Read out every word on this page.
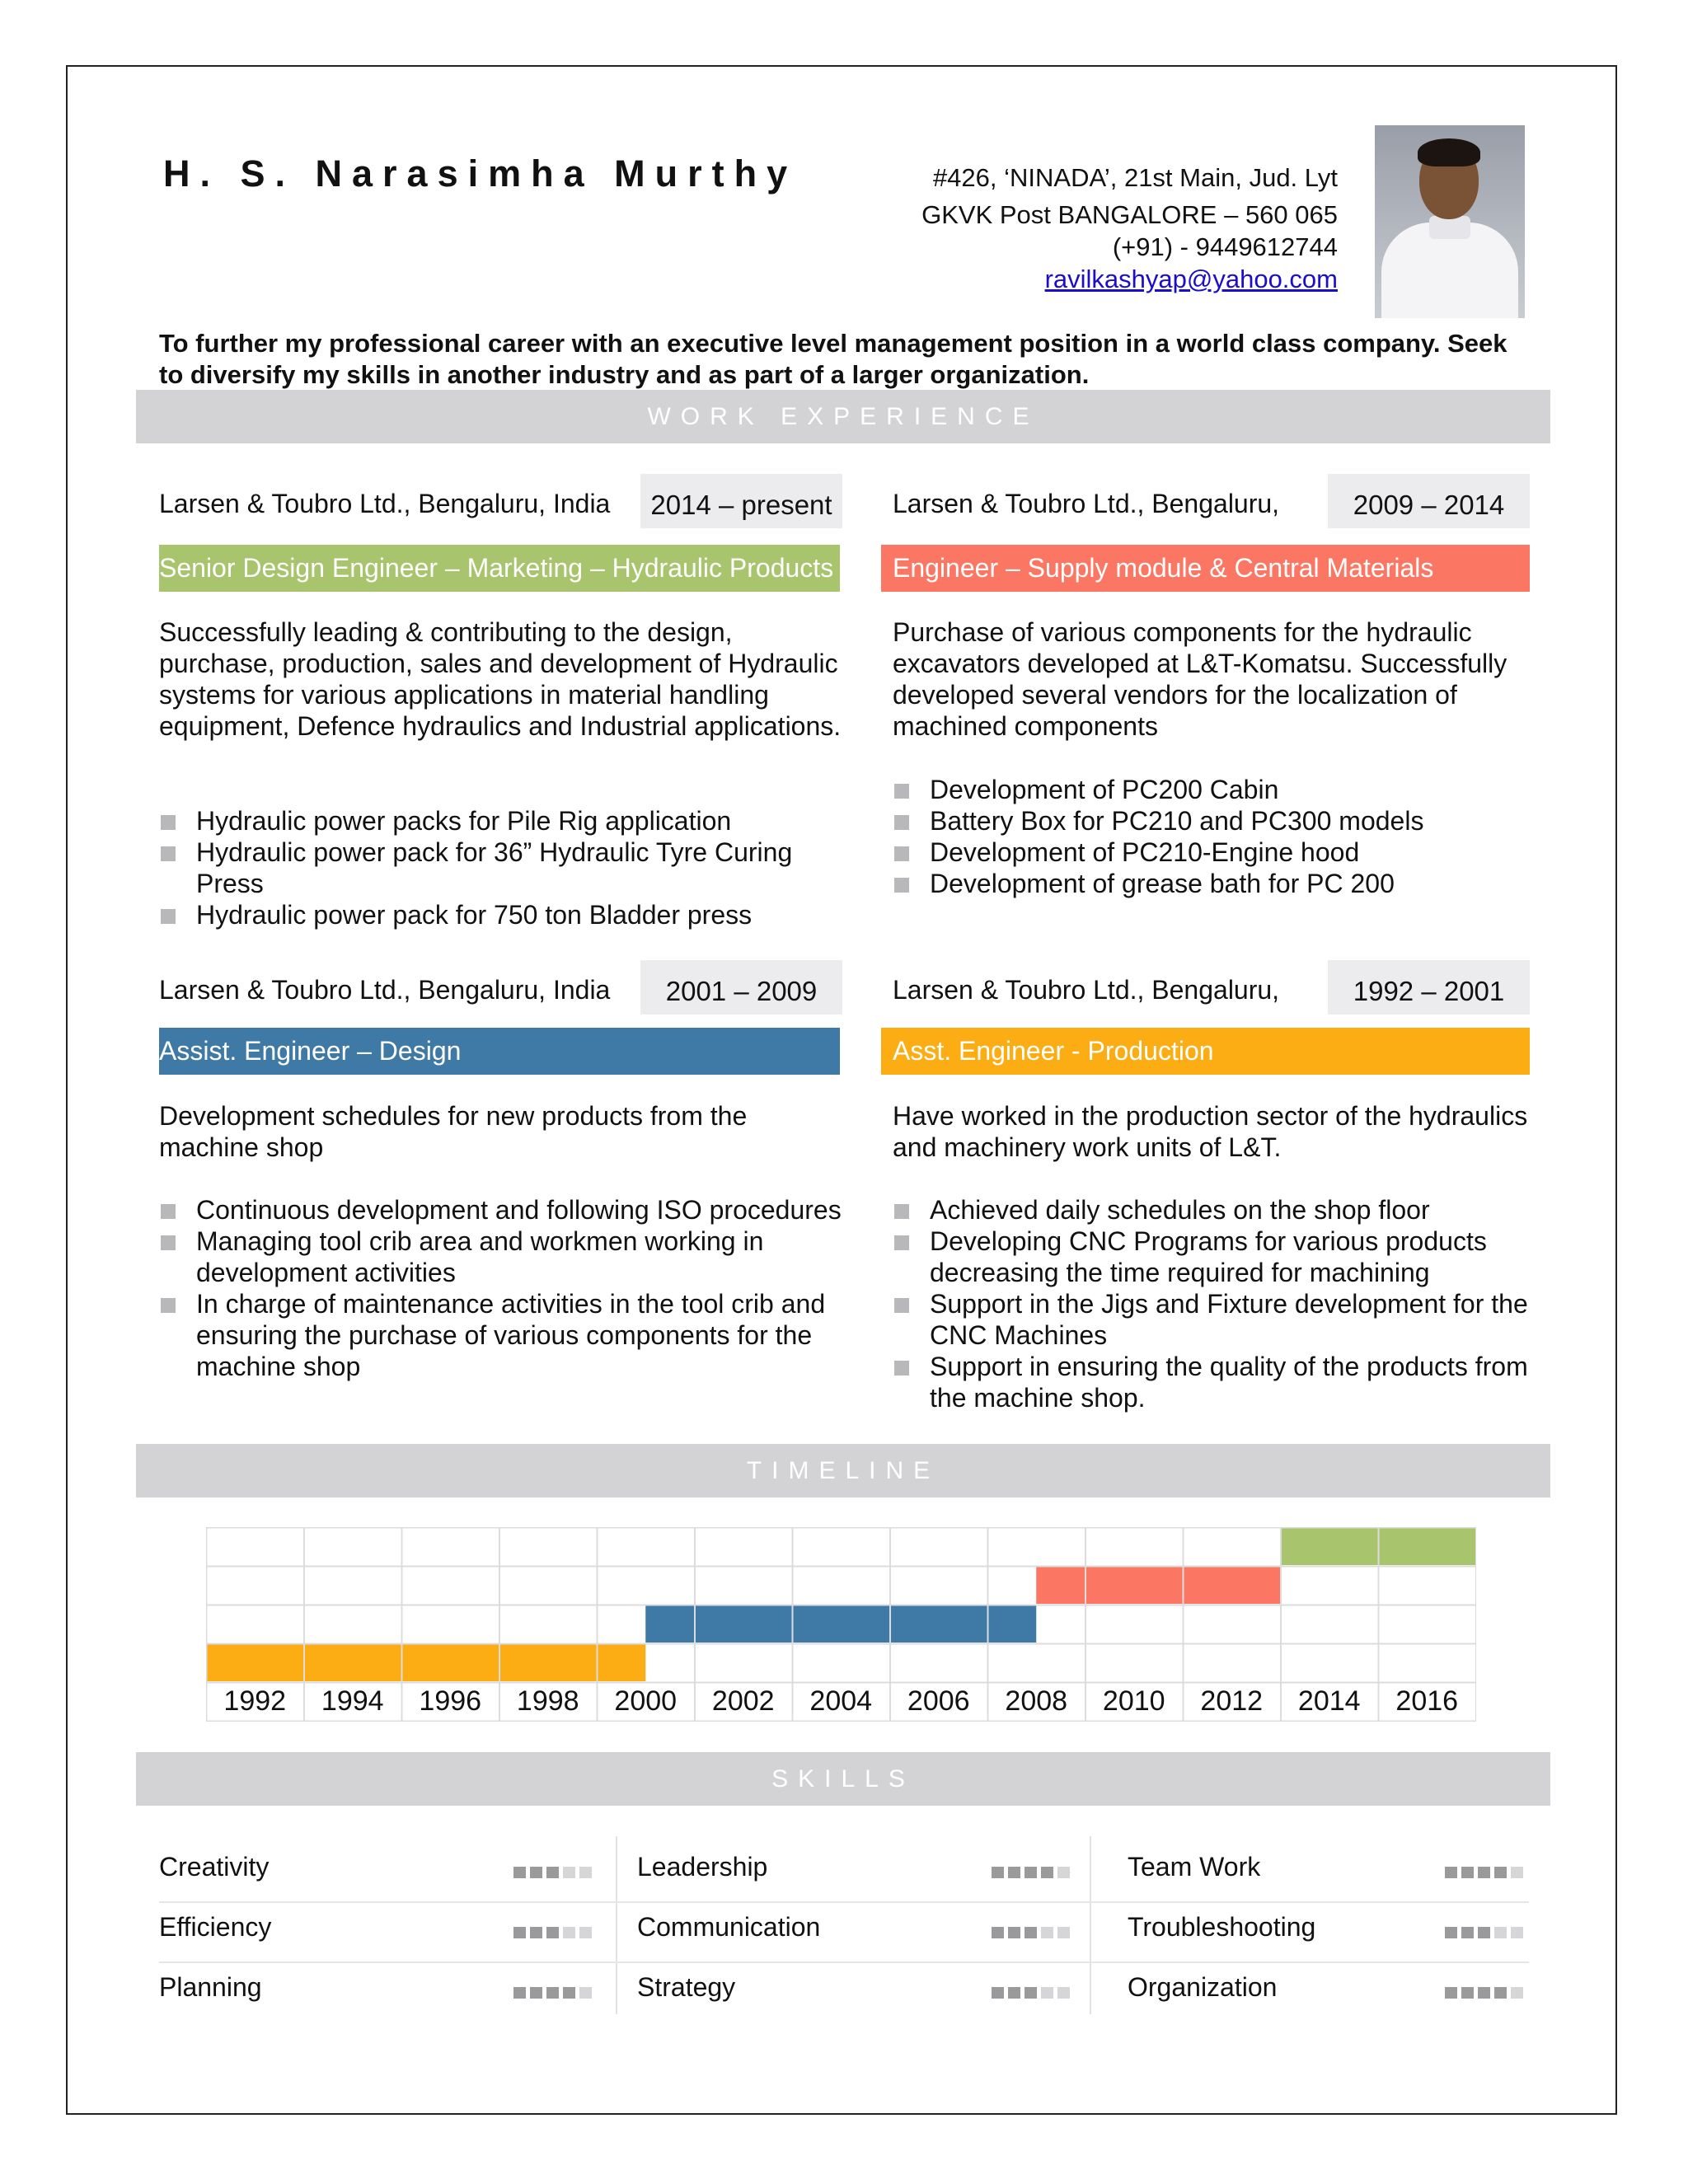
H. S. Narasimha Murthy	#426, ‘NINADA’, 21st Main, Jud. Lyt
GKVK Post BANGALORE – 560 065
(+91) - 9449612744
ravilkashyap@yahoo.com
To further my professional career with an executive level management position in a world class company. Seek to diversify my skills in another industry and as part of a larger organization.
WORK EXPERIENCE
Larsen & Toubro Ltd., Bengaluru, India	2014 – present
Senior Design Engineer – Marketing – Hydraulic Products
Successfully leading & contributing to the design, purchase, production, sales and development of Hydraulic systems for various applications in material handling equipment, Defence hydraulics and Industrial applications.
Hydraulic power packs for Pile Rig application
Hydraulic power pack for 36” Hydraulic Tyre Curing Press
Hydraulic power pack for 750 ton Bladder press
Larsen & Toubro Ltd., Bengaluru,	2009 – 2014
Engineer – Supply module & Central Materials
Purchase of various components for the hydraulic excavators developed at L&T-Komatsu. Successfully developed several vendors for the localization of machined components
Development of PC200 Cabin
Battery Box for PC210 and PC300 models
Development of PC210-Engine hood
Development of grease bath for PC 200
Larsen & Toubro Ltd., Bengaluru, India	2001 – 2009
Assist. Engineer – Design
Development schedules for new products from the machine shop
Continuous development and following ISO procedures
Managing tool crib area and workmen working in development activities
In charge of maintenance activities in the tool crib and ensuring the purchase of various components for the machine shop
Larsen & Toubro Ltd., Bengaluru,	1992 – 2001
Asst. Engineer - Production
Have worked in the production sector of the hydraulics and machinery work units of L&T.
Achieved daily schedules on the shop floor
Developing CNC Programs for various products decreasing the time required for machining
Support in the Jigs and Fixture development for the CNC Machines
Support in ensuring the quality of the products from the machine shop.
TIMELINE
1992	1994	1996	1998	2000	2002	2004	2006	2008	2010	2012	2014	2016
SKILLS
Creativity	Leadership	Team Work
Efficiency	Communication	Troubleshooting
Planning	Strategy	Organization
